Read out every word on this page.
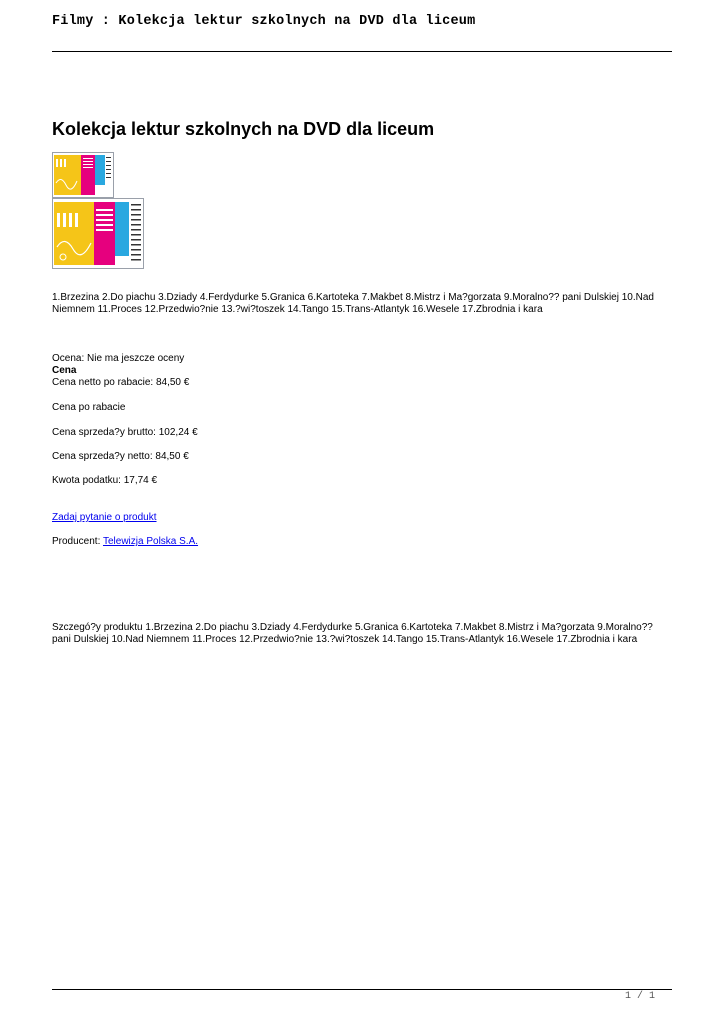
Filmy : Kolekcja lektur szkolnych na DVD dla liceum
Kolekcja lektur szkolnych na DVD dla liceum
1.Brzezina 2.Do piachu 3.Dziady 4.Ferdydurke 5.Granica 6.Kartoteka 7.Makbet 8.Mistrz i Ma?gorzata 9.Moralno?? pani Dulskiej 10.Nad Niemnem 11.Proces 12.Przedwio?nie 13.?wi?toszek 14.Tango 15.Trans-Atlantyk 16.Wesele 17.Zbrodnia i kara
Ocena: Nie ma jeszcze oceny
Cena
Cena netto po rabacie: 84,50 €
Cena po rabacie
Cena sprzeda?y brutto: 102,24 €
Cena sprzeda?y netto: 84,50 €
Kwota podatku: 17,74 €
Zadaj pytanie o produkt
Producent: Telewizja Polska S.A.
Szczegó?y produktu 1.Brzezina 2.Do piachu 3.Dziady 4.Ferdydurke 5.Granica 6.Kartoteka 7.Makbet 8.Mistrz i Ma?gorzata 9.Moralno?? pani Dulskiej 10.Nad Niemnem 11.Proces 12.Przedwio?nie 13.?wi?toszek 14.Tango 15.Trans-Atlantyk 16.Wesele 17.Zbrodnia i kara
1 / 1
